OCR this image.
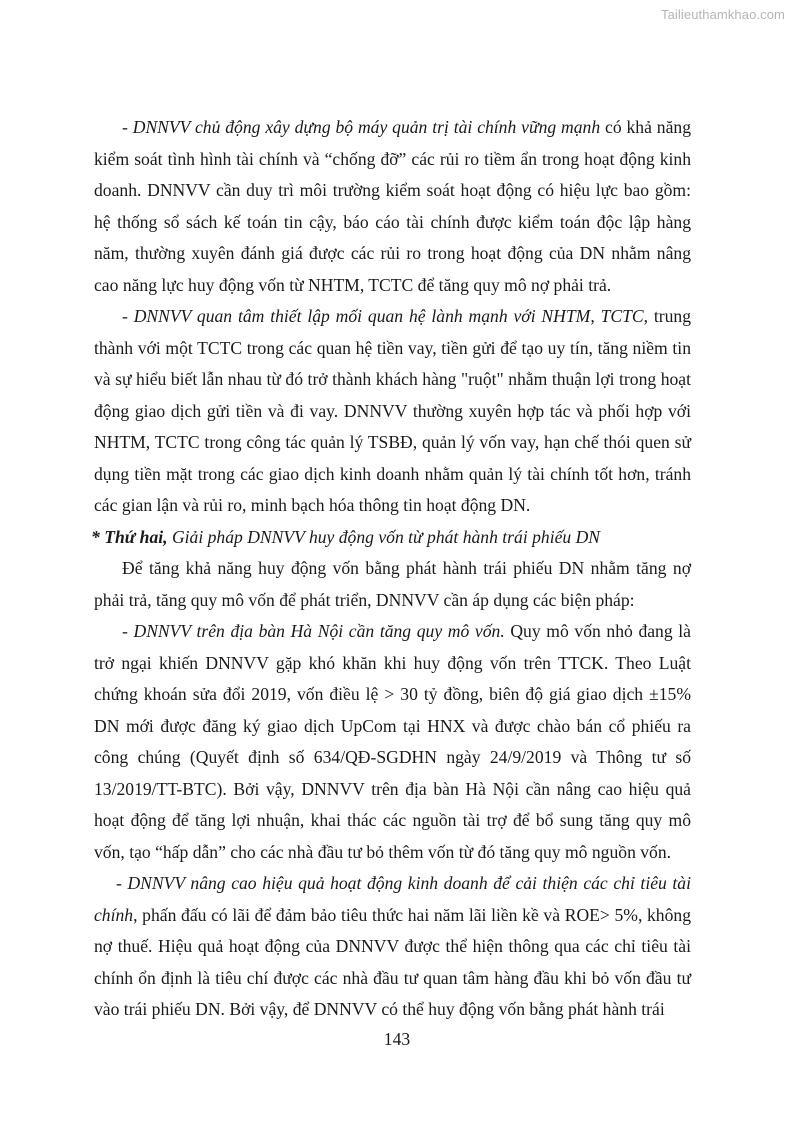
Tailieuthamkhao.com

- DNNVV chủ động xây dựng bộ máy quản trị tài chính vững mạnh có khả năng kiểm soát tình hình tài chính và “chống đỡ” các rủi ro tiềm ẩn trong hoạt động kinh doanh. DNNVV cần duy trì môi trường kiểm soát hoạt động có hiệu lực bao gồm: hệ thống sổ sách kế toán tin cậy, báo cáo tài chính được kiểm toán độc lập hàng năm, thường xuyên đánh giá được các rủi ro trong hoạt động của DN nhằm nâng cao năng lực huy động vốn từ NHTM, TCTC để tăng quy mô nợ phải trả.

- DNNVV quan tâm thiết lập mối quan hệ lành mạnh với NHTM, TCTC, trung thành với một TCTC trong các quan hệ tiền vay, tiền gửi để tạo uy tín, tăng niềm tin và sự hiểu biết lẫn nhau từ đó trở thành khách hàng "ruột" nhằm thuận lợi trong hoạt động giao dịch gửi tiền và đi vay. DNNVV thường xuyên hợp tác và phối hợp với NHTM, TCTC trong công tác quản lý TSBĐ, quản lý vốn vay, hạn chế thói quen sử dụng tiền mặt trong các giao dịch kinh doanh nhằm quản lý tài chính tốt hơn, tránh các gian lận và rủi ro, minh bạch hóa thông tin hoạt động DN.

* Thứ hai, Giải pháp DNNVV huy động vốn từ phát hành trái phiếu DN

Để tăng khả năng huy động vốn bằng phát hành trái phiếu DN nhằm tăng nợ phải trả, tăng quy mô vốn để phát triển, DNNVV cần áp dụng các biện pháp:

- DNNVV trên địa bàn Hà Nội cần tăng quy mô vốn. Quy mô vốn nhỏ đang là trở ngại khiến DNNVV gặp khó khăn khi huy động vốn trên TTCK. Theo Luật chứng khoán sửa đổi 2019, vốn điều lệ > 30 tỷ đồng, biên độ giá giao dịch ±15% DN mới được đăng ký giao dịch UpCom tại HNX và được chào bán cổ phiếu ra công chúng (Quyết định số 634/QĐ-SGDHN ngày 24/9/2019 và Thông tư số 13/2019/TT-BTC). Bởi vậy, DNNVV trên địa bàn Hà Nội cần nâng cao hiệu quả hoạt động để tăng lợi nhuận, khai thác các nguồn tài trợ để bổ sung tăng quy mô vốn, tạo “hấp dẫn” cho các nhà đầu tư bỏ thêm vốn từ đó tăng quy mô nguồn vốn.

- DNNVV nâng cao hiệu quả hoạt động kinh doanh để cải thiện các chỉ tiêu tài chính, phấn đấu có lãi để đảm bảo tiêu thức hai năm lãi liền kề và ROE> 5%, không nợ thuế. Hiệu quả hoạt động của DNNVV được thể hiện thông qua các chỉ tiêu tài chính ổn định là tiêu chí được các nhà đầu tư quan tâm hàng đầu khi bỏ vốn đầu tư vào trái phiếu DN. Bởi vậy, để DNNVV có thể huy động vốn bằng phát hành trái

143
